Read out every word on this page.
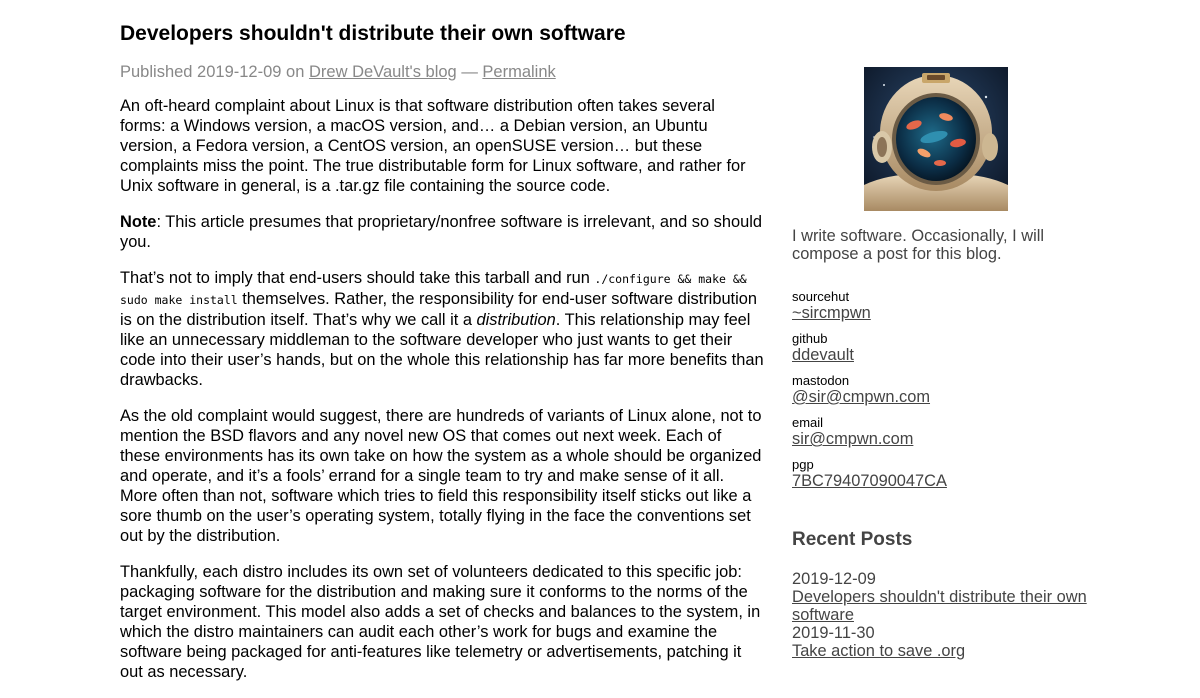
Developers shouldn't distribute their own software
Published 2019-12-09 on Drew DeVault's blog — Permalink

An oft-heard complaint about Linux is that software distribution often takes several forms: a Windows version, a macOS version, and… a Debian version, an Ubuntu version, a Fedora version, a CentOS version, an openSUSE version… but these complaints miss the point. The true distributable form for Linux software, and rather for Unix software in general, is a .tar.gz file containing the source code.

Note: This article presumes that proprietary/nonfree software is irrelevant, and so should you.

That’s not to imply that end-users should take this tarball and run ./configure && make && sudo make install themselves. Rather, the responsibility for end-user software distribution is on the distribution itself. That’s why we call it a distribution. This relationship may feel like an unnecessary middleman to the software developer who just wants to get their code into their user’s hands, but on the whole this relationship has far more benefits than drawbacks.

As the old complaint would suggest, there are hundreds of variants of Linux alone, not to mention the BSD flavors and any novel new OS that comes out next week. Each of these environments has its own take on how the system as a whole should be organized and operate, and it’s a fools’ errand for a single team to try and make sense of it all. More often than not, software which tries to field this responsibility itself sticks out like a sore thumb on the user’s operating system, totally flying in the face the conventions set out by the distribution.

Thankfully, each distro includes its own set of volunteers dedicated to this specific job: packaging software for the distribution and making sure it conforms to the norms of the target environment. This model also adds a set of checks and balances to the system, in which the distro maintainers can audit each other’s work for bugs and examine the software being packaged for anti-features like telemetry or advertisements, patching it out as necessary.

I write software. Occasionally, I will compose a post for this blog.
sourcehut
~sircmpwn
github
ddevault
mastodon
@sir@cmpwn.com
email
sir@cmpwn.com
pgp
7BC79407090047CA
Recent Posts
2019-12-09
Developers shouldn't distribute their own software
2019-11-30
Take action to save .org
